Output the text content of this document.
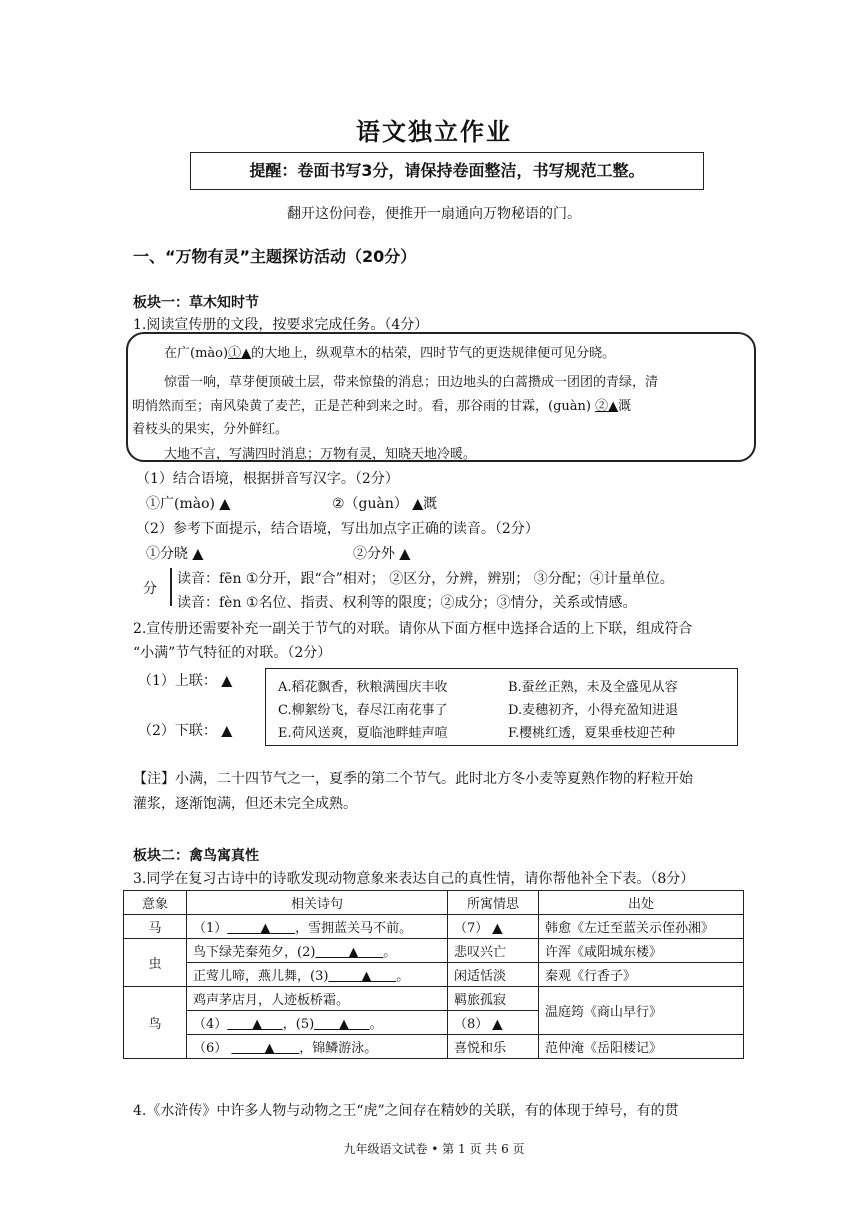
语文独立作业
提醒：卷面书写3分，请保持卷面整洁，书写规范工整。
翻开这份问卷，便推开一扇通向万物秘语的门。
一、“万物有灵”主题探访活动（20分）
板块一：草木知时节
1.阅读宣传册的文段，按要求完成任务。（4分）

在广(mào)①▲的大地上，纵观草木的枯荣，四时节气的更迭规律便可见分晓。

惊雷一响，草芽便顶破土层，带来惊蛰的消息；田边地头的白蒿攒成一团团的青绿，清

明悄然而至；南风染黄了麦芒，正是芒种到来之时。看，那谷雨的甘霖，(guàn) ②▲溉

着枝头的果实，分外鲜红。

大地不言，写满四时消息；万物有灵，知晓天地冷暖。

（1）结合语境，根据拼音写汉字。（2分）
①广(mào) ▲	②（guàn） ▲溉
（2）参考下面提示，结合语境，写出加点字正确的读音。（2分）
①分晓 ▲	②分外 ▲
分
读音：fēn ①分开，跟“合”相对； ②区分，分辨，辨别； ③分配；④计量单位。
读音：fèn ①名位、指责、权利等的限度；②成分；③情分，关系或情感。
2.宣传册还需要补充一副关于节气的对联。请你从下面方框中选择合适的上下联，组成符合
“小满”节气特征的对联。（2分）
（1）上联： ▲
（2）下联： ▲
A.稻花飘香，秋粮满囤庆丰收	B.蚕丝正熟，未及全盛见从容
C.柳絮纷飞，春尽江南花事了	D.麦穗初齐，小得充盈知进退
E.荷风送爽，夏临池畔蛙声喧	F.樱桃红透，夏果垂枝迎芒种
【注】小满，二十四节气之一，夏季的第二个节气。此时北方冬小麦等夏熟作物的籽粒开始
灌浆，逐渐饱满，但还未完全成熟。
板块二：禽鸟寓真性
3.同学在复习古诗中的诗歌发现动物意象来表达自己的真性情，请你帮他补全下表。（8分）
意象	相关诗句	所寓情思	出处
马	（1） ▲ ，雪拥蓝关马不前。	（7） ▲	韩愈《左迁至蓝关示侄孙湘》
虫	鸟下绿芜秦苑夕，(2) ▲ 。	悲叹兴亡	许浑《咸阳城东楼》
	正莺儿啼，燕儿舞，(3) ▲ 。	闲适恬淡	秦观《行香子》
鸟	鸡声茅店月，人迹板桥霜。	羁旅孤寂	温庭筠《商山早行》
	（4） ▲ ，(5) ▲ 。	（8） ▲	
	（6） ▲ ，锦鳞游泳。	喜悦和乐	范仲淹《岳阳楼记》
4.《水浒传》中许多人物与动物之王“虎”之间存在精妙的关联，有的体现于绰号，有的贯
九年级语文试卷 • 第 1 页 共 6 页
